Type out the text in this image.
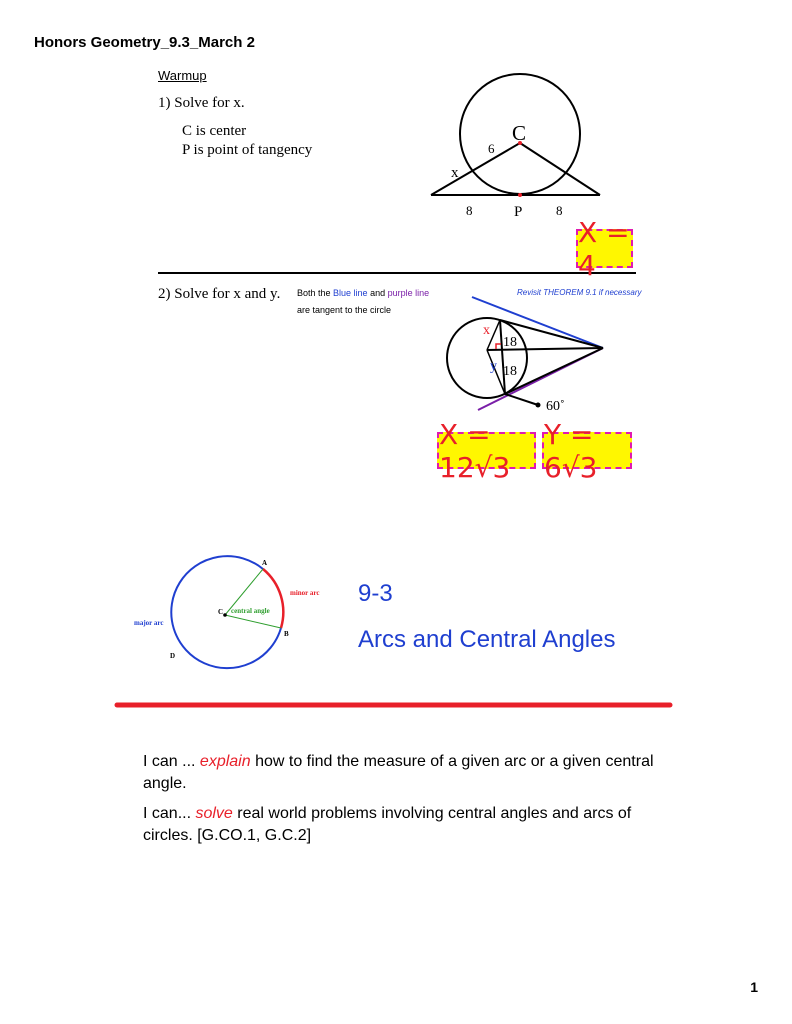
Honors Geometry_9.3_March 2
Warmup
1) Solve for x.
C is center
P is point of tangency
C
6
x
P
8	8
x
y
18
18
60˚
A
B
C
D
minor arc
major arc
central angle
X = 4
2) Solve for x and y. Both the Blue line and purple line
are tangent to the circle
Revisit THEOREM 9.1 if necessary
X = 12√3
Y = 6√3
9-3
Arcs and Central Angles

I can ... explain how to find the measure of a given arc or a given central angle.

I can... solve real world problems involving central angles and arcs of circles. [G.CO.1, G.C.2]

1
